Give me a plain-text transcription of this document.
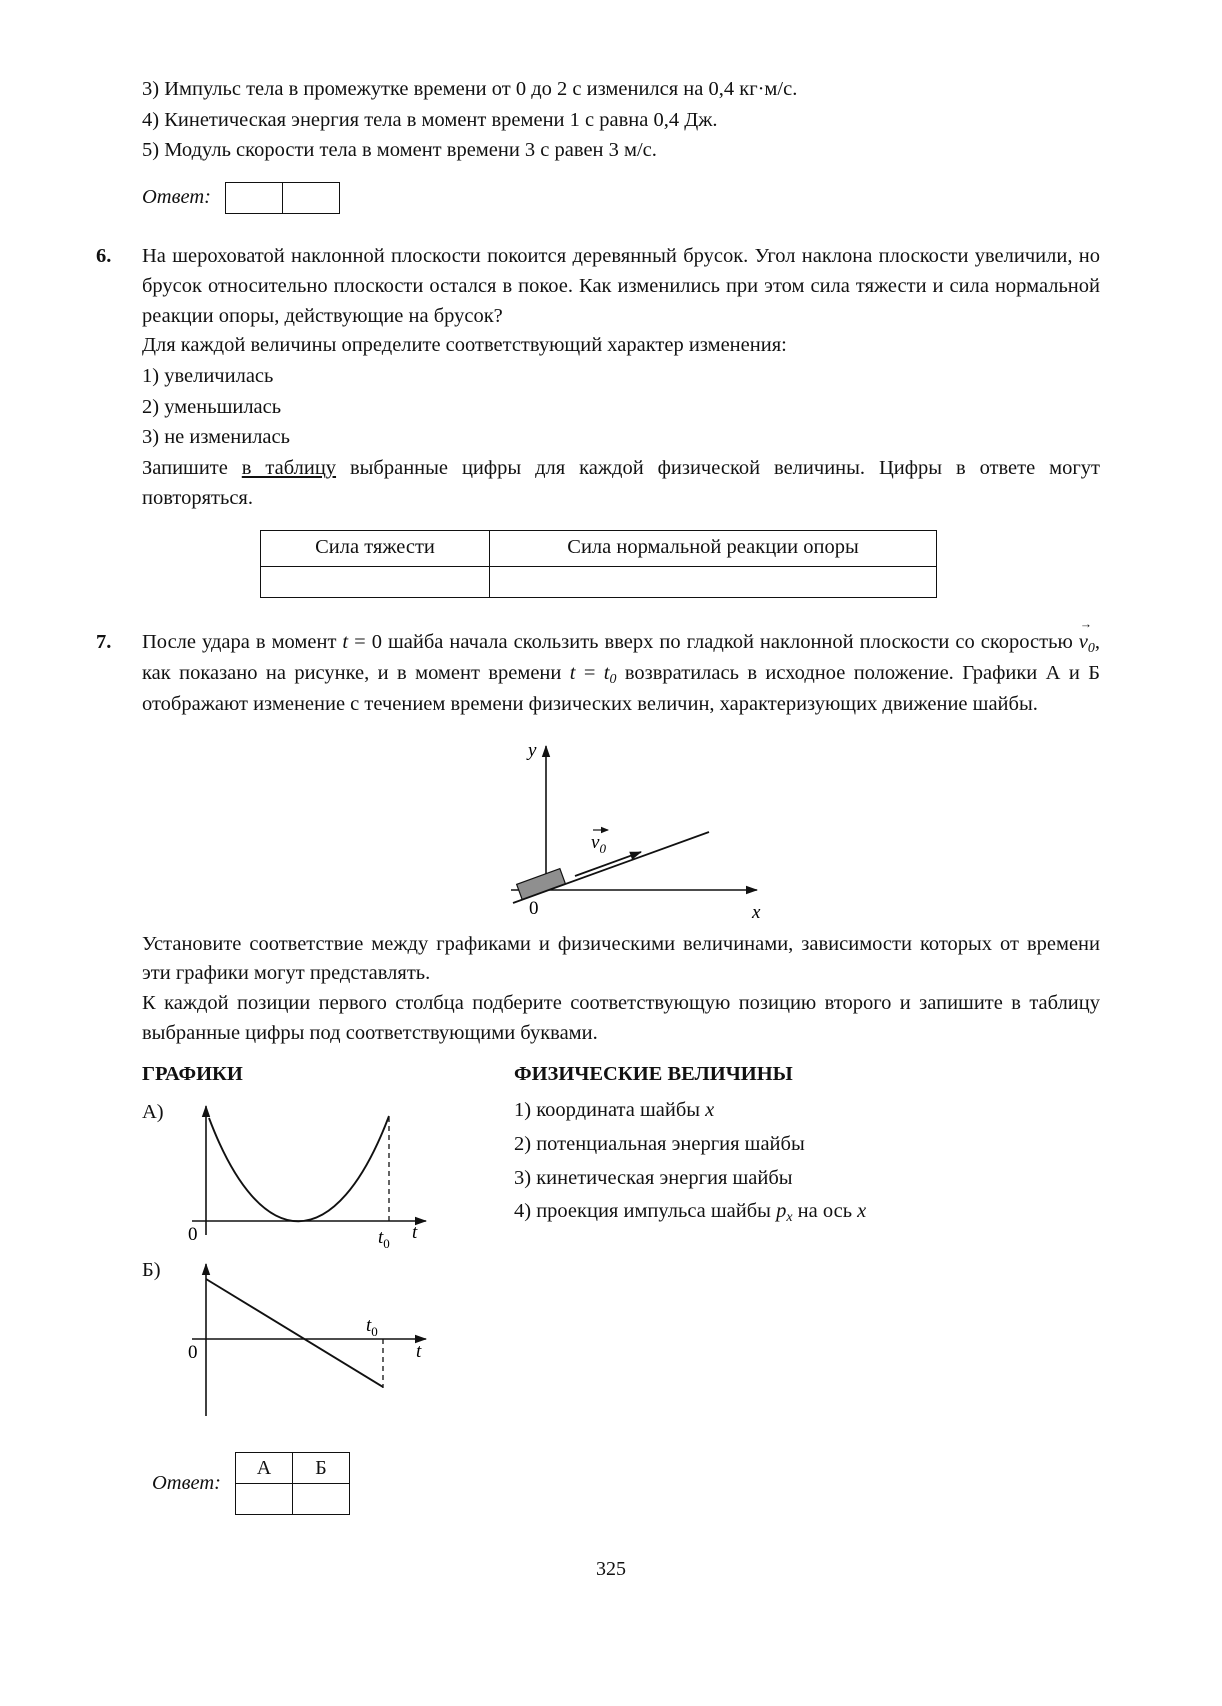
3) Импульс тела в промежутке времени от 0 до 2 с изменился на 0,4 кг·м/с.
4) Кинетическая энергия тела в момент времени 1 с равна 0,4 Дж.
5) Модуль скорости тела в момент времени 3 с равен 3 м/с.
Ответ:

6.	На шероховатой наклонной плоскости покоится деревянный брусок. Угол наклона плоскости увеличили, но брусок относительно плоскости остался в покое. Как изменились при этом сила тяжести и сила нормальной реакции опоры, действующие на брусок?

Для каждой величины определите соответствующий характер изменения:

1) увеличилась
2) уменьшилась
3) не изменилась

Запишите в таблицу выбранные цифры для каждой физической величины. Цифры в ответе могут повторяться.

Сила тяжести	Сила нормальной реакции опоры

7.	После удара в момент t = 0 шайба начала скользить вверх по гладкой наклонной плоскости со скоростью v
→
$_0$, как показано на рисунке, и в момент времени $t = t_0$ возвратилась в исходное положение. Графики А и Б отображают изменение с течением времени физических величин, характеризующих движение шайбы.

$v_0$
y
x
0

Установите соответствие между графиками и физическими величинами, зависимости которых от времени эти графики могут представлять.

К каждой позиции первого столбца подберите соответствующую позицию второго и запишите в таблицу выбранные цифры под соответствующими буквами.

ГРАФИКИ
А)
0	$t_0$
t
Б)
0
$t_0$
t
ФИЗИЧЕСКИЕ ВЕЛИЧИНЫ
1) координата шайбы x
2) потенциальная энергия шайбы
3) кинетическая энергия шайбы
4) проекция импульса шайбы $p_x$ на ось x
Ответ:
А	Б

325
